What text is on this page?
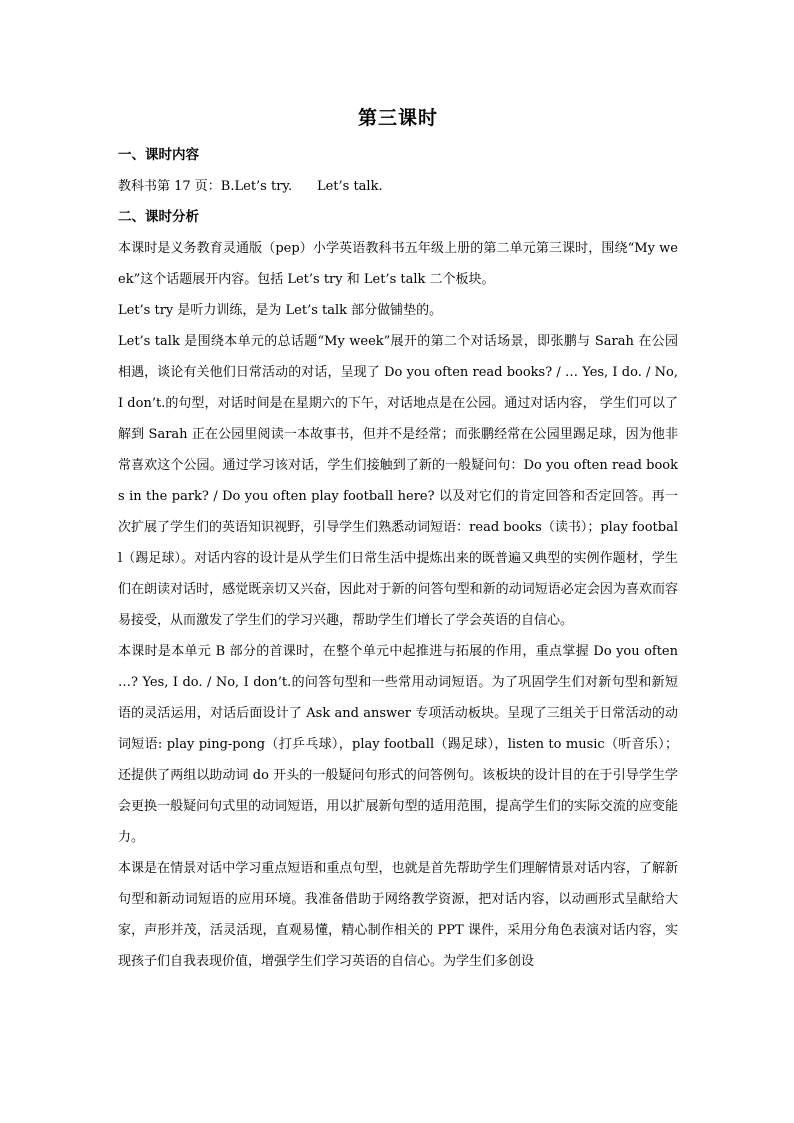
第三课时
一、课时内容
教科书第 17 页：B.Let’s try.      Let’s talk.
二、课时分析

本课时是义务教育灵通版（pep）小学英语教科书五年级上册的第二单元第三课时，围绕“My week”这个话题展开内容。包括 Let’s try 和 Let’s talk 二个板块。

Let’s try 是听力训练，是为 Let’s talk 部分做铺垫的。

Let’s talk 是围绕本单元的总话题“My week”展开的第二个对话场景，即张鹏与 Sarah 在公园相遇，谈论有关他们日常活动的对话，呈现了 Do you often read books? / … Yes, I do. / No, I don’t.的句型，对话时间是在星期六的下午，对话地点是在公园。通过对话内容， 学生们可以了解到 Sarah 正在公园里阅读一本故事书，但并不是经常；而张鹏经常在公园里踢足球，因为他非常喜欢这个公园。通过学习该对话，学生们接触到了新的一般疑问句：Do you often read books in the park? / Do you often play football here? 以及对它们的肯定回答和否定回答。再一次扩展了学生们的英语知识视野，引导学生们熟悉动词短语：read books（读书）；play football（踢足球）。对话内容的设计是从学生们日常生活中提炼出来的既普遍又典型的实例作题材，学生们在朗读对话时，感觉既亲切又兴奋，因此对于新的问答句型和新的动词短语必定会因为喜欢而容易接受，从而激发了学生们的学习兴趣，帮助学生们增长了学会英语的自信心。

本课时是本单元 B 部分的首课时，在整个单元中起推进与拓展的作用，重点掌握 Do you often …? Yes, I do. / No, I don’t.的问答句型和一些常用动词短语。为了巩固学生们对新句型和新短语的灵活运用，对话后面设计了 Ask and answer 专项活动板块。呈现了三组关于日常活动的动词短语: play ping-pong（打乒乓球），play football（踢足球），listen to music（听音乐）；还提供了两组以助动词 do 开头的一般疑问句形式的问答例句。该板块的设计目的在于引导学生学会更换一般疑问句式里的动词短语，用以扩展新句型的适用范围，提高学生们的实际交流的应变能力。

本课是在情景对话中学习重点短语和重点句型，也就是首先帮助学生们理解情景对话内容，了解新句型和新动词短语的应用环境。我准备借助于网络教学资源，把对话内容，以动画形式呈献给大家，声形并茂，活灵活现，直观易懂，精心制作相关的 PPT 课件，采用分角色表演对话内容，实现孩子们自我表现价值，增强学生们学习英语的自信心。为学生们多创设
